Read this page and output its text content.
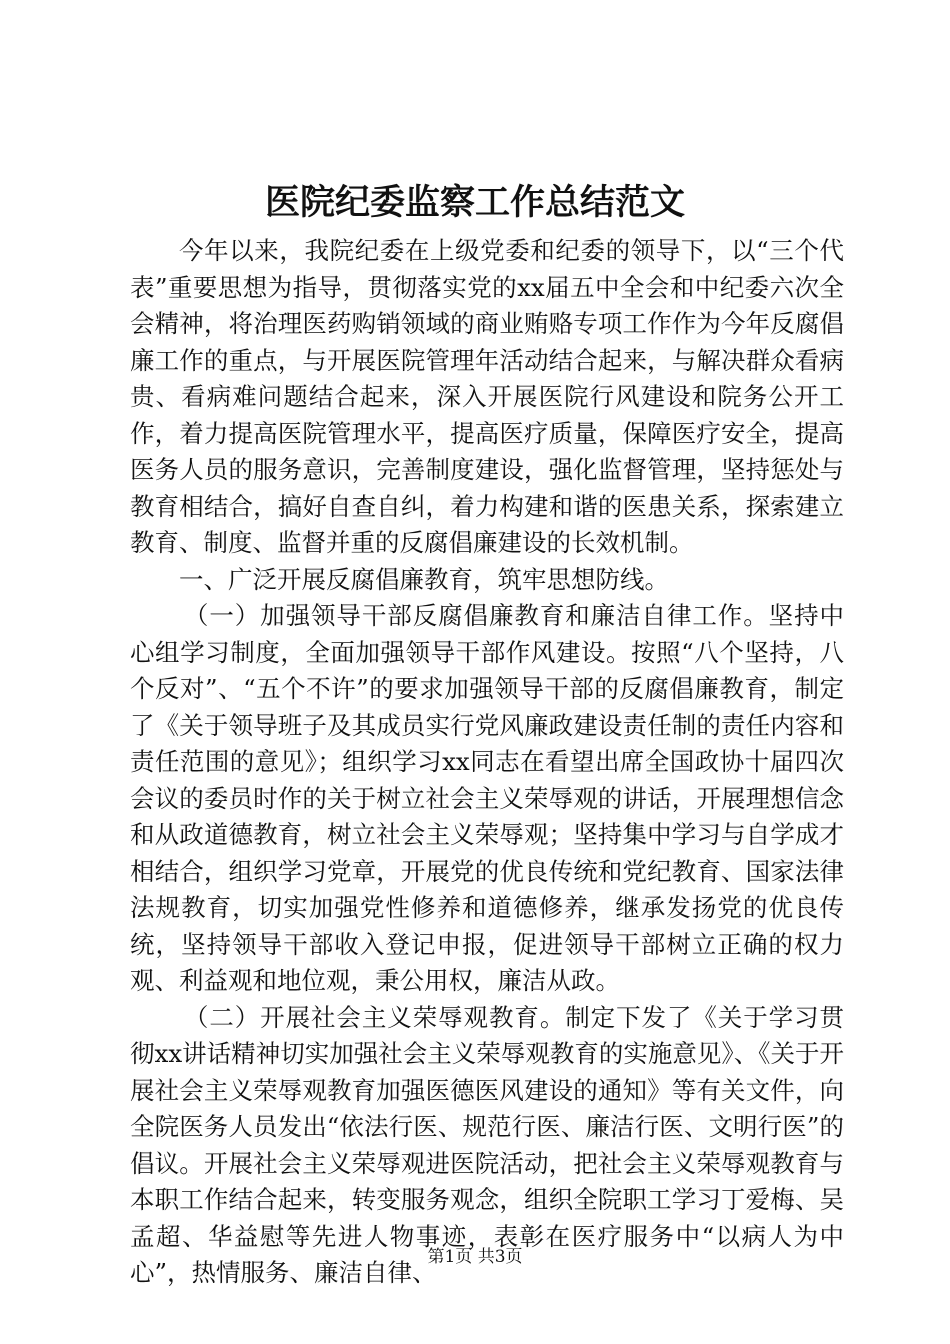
医院纪委监察工作总结范文

今年以来，我院纪委在上级党委和纪委的领导下，以“三个代表”重要思想为指导，贯彻落实党的xx届五中全会和中纪委六次全会精神，将治理医药购销领域的商业贿赂专项工作作为今年反腐倡廉工作的重点，与开展医院管理年活动结合起来，与解决群众看病贵、看病难问题结合起来，深入开展医院行风建设和院务公开工作，着力提高医院管理水平，提高医疗质量，保障医疗安全，提高医务人员的服务意识，完善制度建设，强化监督管理，坚持惩处与教育相结合，搞好自查自纠，着力构建和谐的医患关系，探索建立教育、制度、监督并重的反腐倡廉建设的长效机制。

一、广泛开展反腐倡廉教育，筑牢思想防线。

（一）加强领导干部反腐倡廉教育和廉洁自律工作。坚持中心组学习制度，全面加强领导干部作风建设。按照“八个坚持，八个反对”、“五个不许”的要求加强领导干部的反腐倡廉教育，制定了《关于领导班子及其成员实行党风廉政建设责任制的责任内容和责任范围的意见》；组织学习xx同志在看望出席全国政协十届四次会议的委员时作的关于树立社会主义荣辱观的讲话，开展理想信念和从政道德教育，树立社会主义荣辱观；坚持集中学习与自学成才相结合，组织学习党章，开展党的优良传统和党纪教育、国家法律法规教育，切实加强党性修养和道德修养，继承发扬党的优良传统，坚持领导干部收入登记申报，促进领导干部树立正确的权力观、利益观和地位观，秉公用权，廉洁从政。

（二）开展社会主义荣辱观教育。制定下发了《关于学习贯彻xx讲话精神切实加强社会主义荣辱观教育的实施意见》、《关于开展社会主义荣辱观教育加强医德医风建设的通知》等有关文件，向全院医务人员发出“依法行医、规范行医、廉洁行医、文明行医”的倡议。开展社会主义荣辱观进医院活动，把社会主义荣辱观教育与本职工作结合起来，转变服务观念，组织全院职工学习丁爱梅、吴孟超、华益慰等先进人物事迹，表彰在医疗服务中“以病人为中心”，热情服务、廉洁自律、

第1页 共3页
